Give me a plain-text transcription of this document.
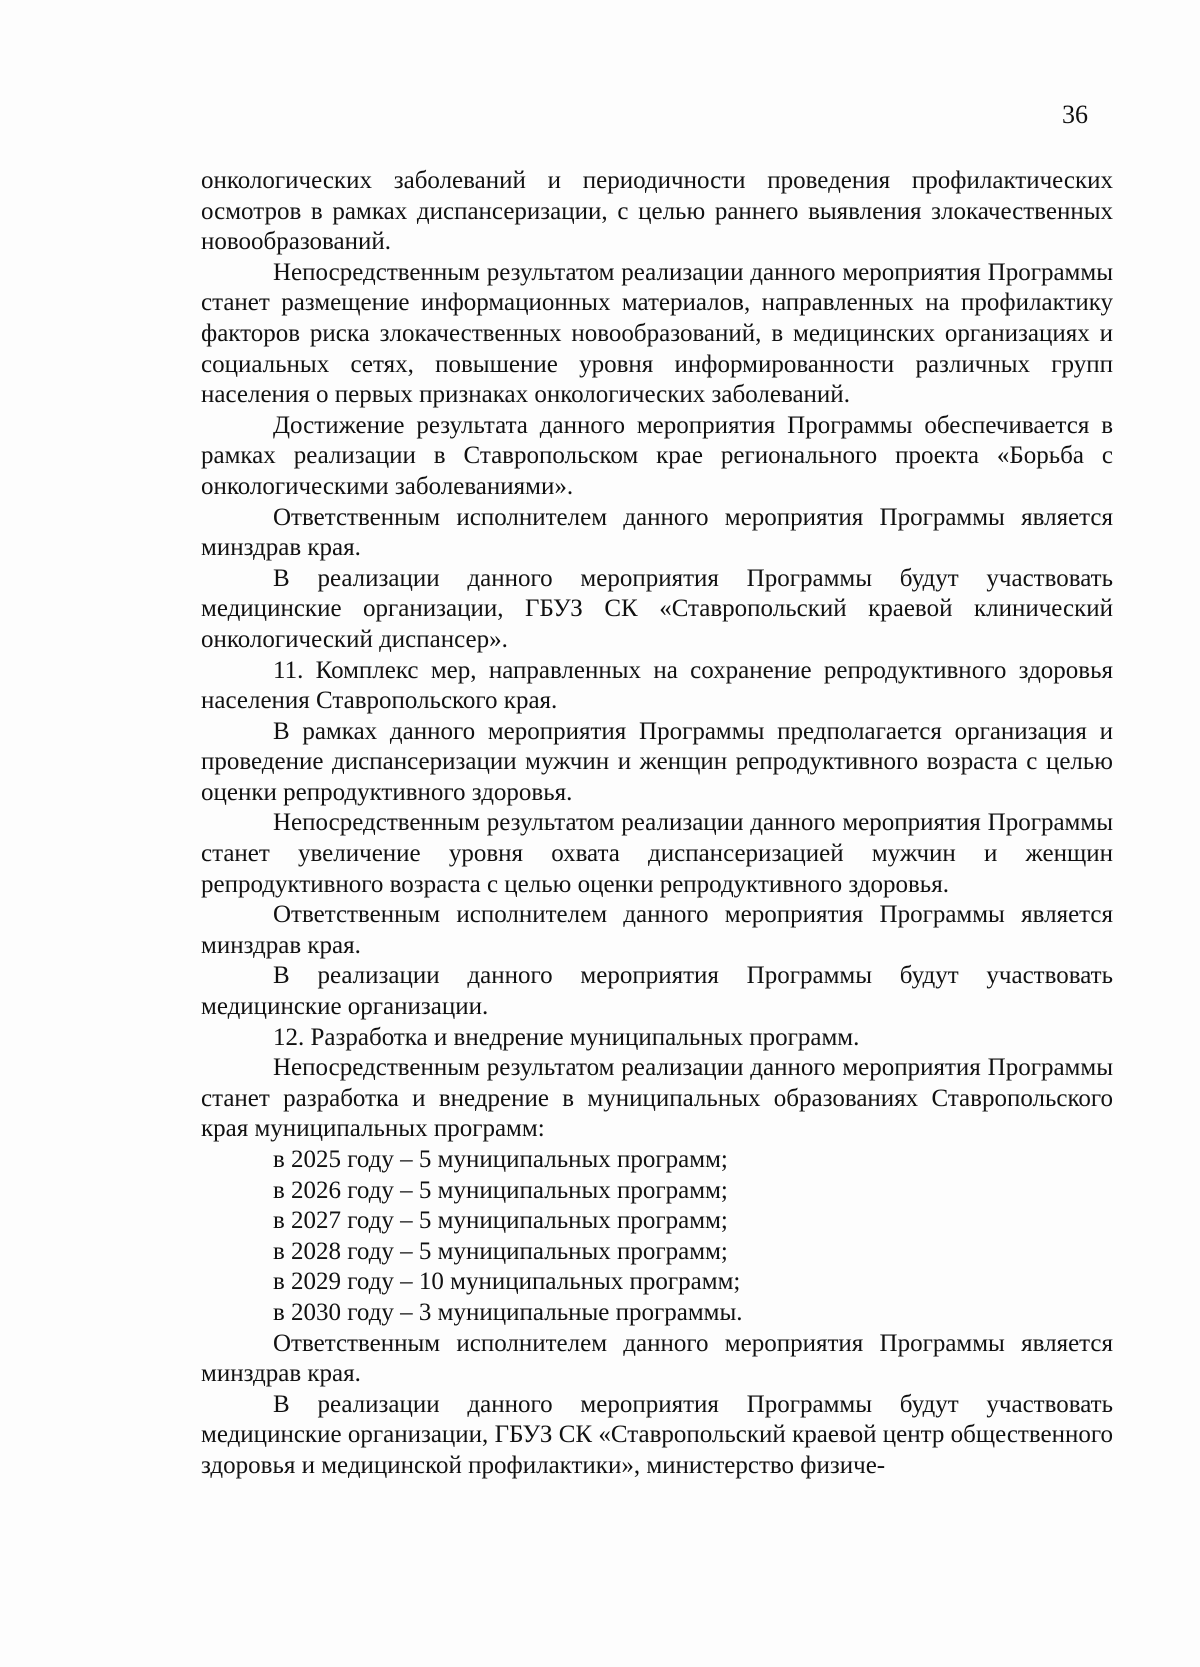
36

онкологических заболеваний и периодичности проведения профилактических осмотров в рамках диспансеризации, с целью раннего выявления злокачественных новообразований.

Непосредственным результатом реализации данного мероприятия Программы станет размещение информационных материалов, направленных на профилактику факторов риска злокачественных новообразований, в медицинских организациях и социальных сетях, повышение уровня информированности различных групп населения о первых признаках онкологических заболеваний.

Достижение результата данного мероприятия Программы обеспечивается в рамках реализации в Ставропольском крае регионального проекта «Борьба с онкологическими заболеваниями».

Ответственным исполнителем данного мероприятия Программы является минздрав края.

В реализации данного мероприятия Программы будут участвовать медицинские организации, ГБУЗ СК «Ставропольский краевой клинический онкологический диспансер».

11. Комплекс мер, направленных на сохранение репродуктивного здоровья населения Ставропольского края.

В рамках данного мероприятия Программы предполагается организация и проведение диспансеризации мужчин и женщин репродуктивного возраста с целью оценки репродуктивного здоровья.

Непосредственным результатом реализации данного мероприятия Программы станет увеличение уровня охвата диспансеризацией мужчин и женщин репродуктивного возраста с целью оценки репродуктивного здоровья.

Ответственным исполнителем данного мероприятия Программы является минздрав края.

В реализации данного мероприятия Программы будут участвовать медицинские организации.

12. Разработка и внедрение муниципальных программ.

Непосредственным результатом реализации данного мероприятия Программы станет разработка и внедрение в муниципальных образованиях Ставропольского края муниципальных программ:

в 2025 году – 5 муниципальных программ;

в 2026 году – 5 муниципальных программ;

в 2027 году – 5 муниципальных программ;

в 2028 году – 5 муниципальных программ;

в 2029 году – 10 муниципальных программ;

в 2030 году – 3 муниципальные программы.

Ответственным исполнителем данного мероприятия Программы является минздрав края.

В реализации данного мероприятия Программы будут участвовать медицинские организации, ГБУЗ СК «Ставропольский краевой центр общественного здоровья и медицинской профилактики», министерство физиче-
